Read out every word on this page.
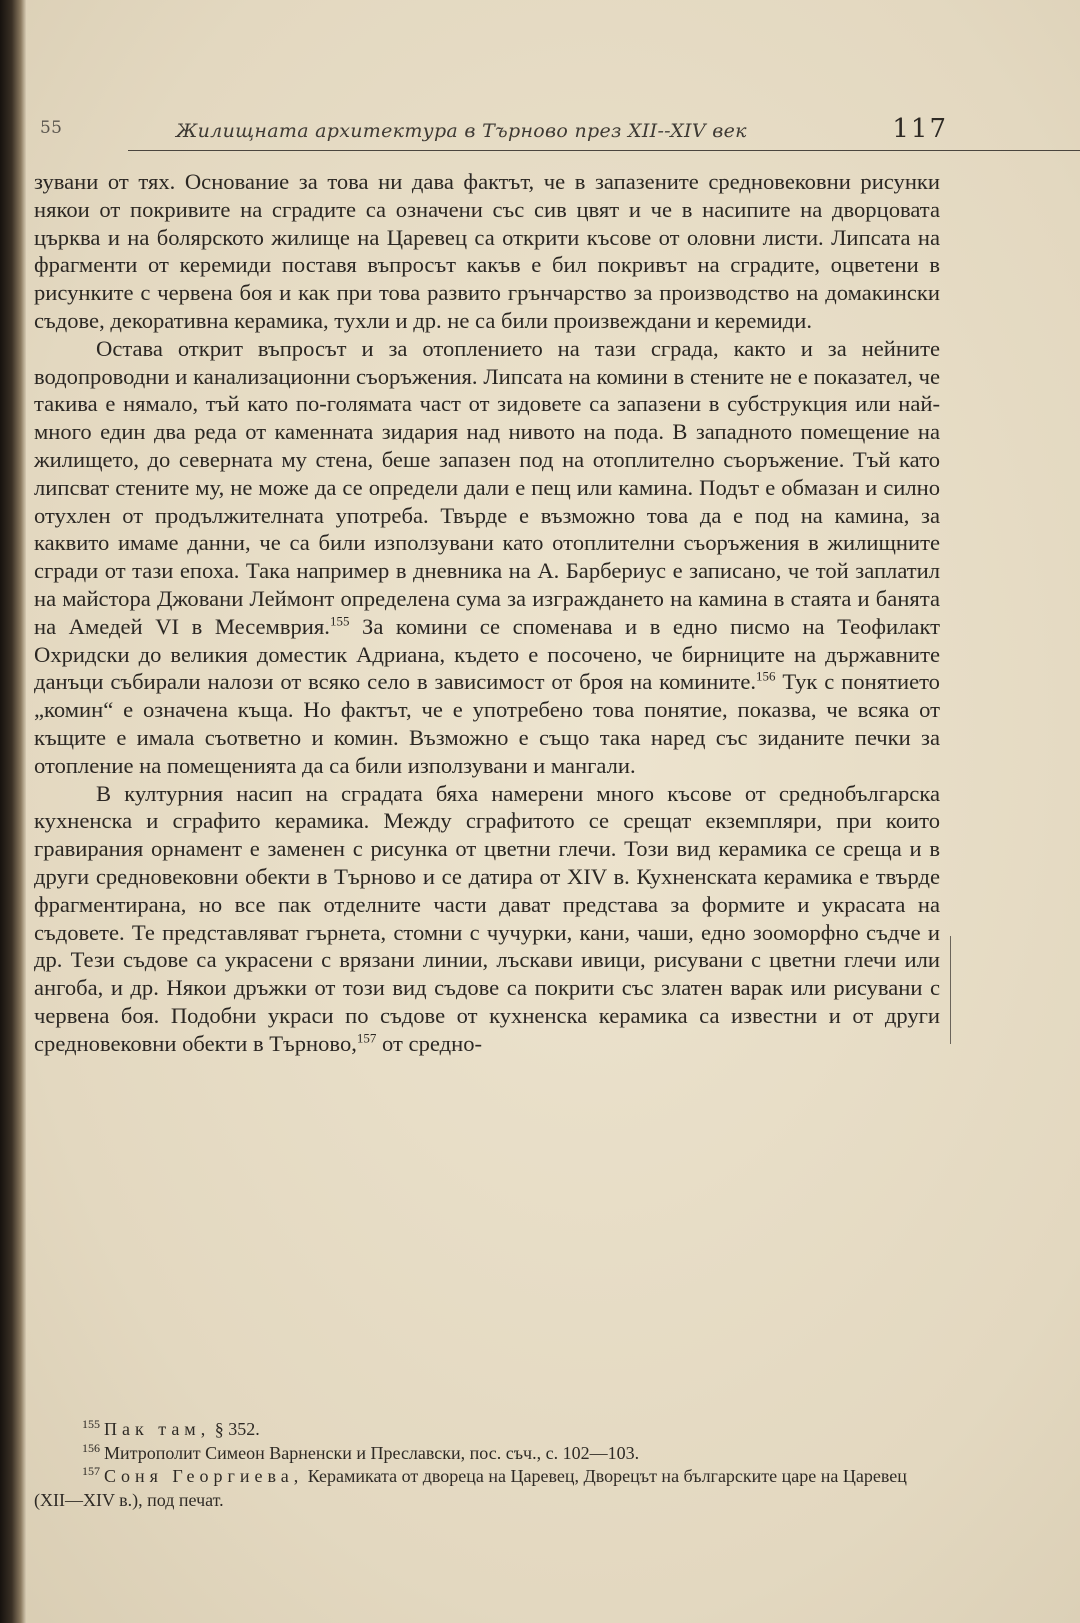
55	Жилищната архитектура в Търново през XII--XIV век	117

зувани от тях. Основание за това ни дава фактът, че в запазените средновековни рисунки някои от покривите на сградите са означени със сив цвят и че в насипите на дворцовата църква и на болярското жилище на Царевец са открити късове от оловни листи. Липсата на фрагменти от керемиди поставя въпросът какъв е бил покривът на сградите, оцветени в рисунките с червена боя и как при това развито грънчарство за производство на домакински съдове, декоративна керамика, тухли и др. не са били произвеждани и керемиди.

Остава открит въпросът и за отоплението на тази сграда, както и за нейните водопроводни и канализационни съоръжения. Липсата на комини в стените не е показател, че такива е нямало, тъй като по-голямата част от зидовете са запазени в субструкция или най-много един два реда от каменната зидария над нивото на пода. В западното помещение на жилището, до северната му стена, беше запазен под на отоплително съоръжение. Тъй като липсват стените му, не може да се определи дали е пещ или камина. Подът е обмазан и силно отухлен от продължителната употреба. Твърде е възможно това да е под на камина, за каквито имаме данни, че са били използувани като отоплителни съоръжения в жилищните сгради от тази епоха. Така например в дневника на А. Барбериус е записано, че той заплатил на майстора Джовани Леймонт определена сума за изграждането на камина в стаята и банята на Амедей VI в Месемврия.$^{155}$ За комини се споменава и в едно писмо на Теофилакт Охридски до великия доместик Адриана, където е посочено, че бирниците на държавните данъци събирали налози от всяко село в зависимост от броя на комините.$^{156}$ Тук с понятието „комин“ е означена къща. Но фактът, че е употребено това понятие, показва, че всяка от къщите е имала съответно и комин. Възможно е също така наред със зиданите печки за отопление на помещенията да са били използувани и мангали.

В културния насип на сградата бяха намерени много късове от среднобългарска кухненска и сграфито керамика. Между сграфитото се срещат екземпляри, при които гравирания орнамент е заменен с рисунка от цветни глечи. Този вид керамика се среща и в други средновековни обекти в Търново и се датира от XIV в. Кухненската керамика е твърде фрагментирана, но все пак отделните части дават представа за формите и украсата на съдовете. Те представляват гърнета, стомни с чучурки, кани, чаши, едно зооморфно съдче и др. Тези съдове са украсени с врязани линии, лъскави ивици, рисувани с цветни глечи или ангоба, и др. Някои дръжки от този вид съдове са покрити със златен варак или рисувани с червена боя. Подобни украси по съдове от кухненска керамика са известни и от други средновековни обекти в Търново,$^{157}$ от средно-

$^{155}$ Пак там, § 352.

$^{156}$ Митрополит Симеон Варненски и Преславски, пос. съч., с. 102—103.

$^{157}$ Соня Георгиева, Керамиката от двореца на Царевец, Дворецът на българските царе на Царевец (XII—XIV в.), под печат.
